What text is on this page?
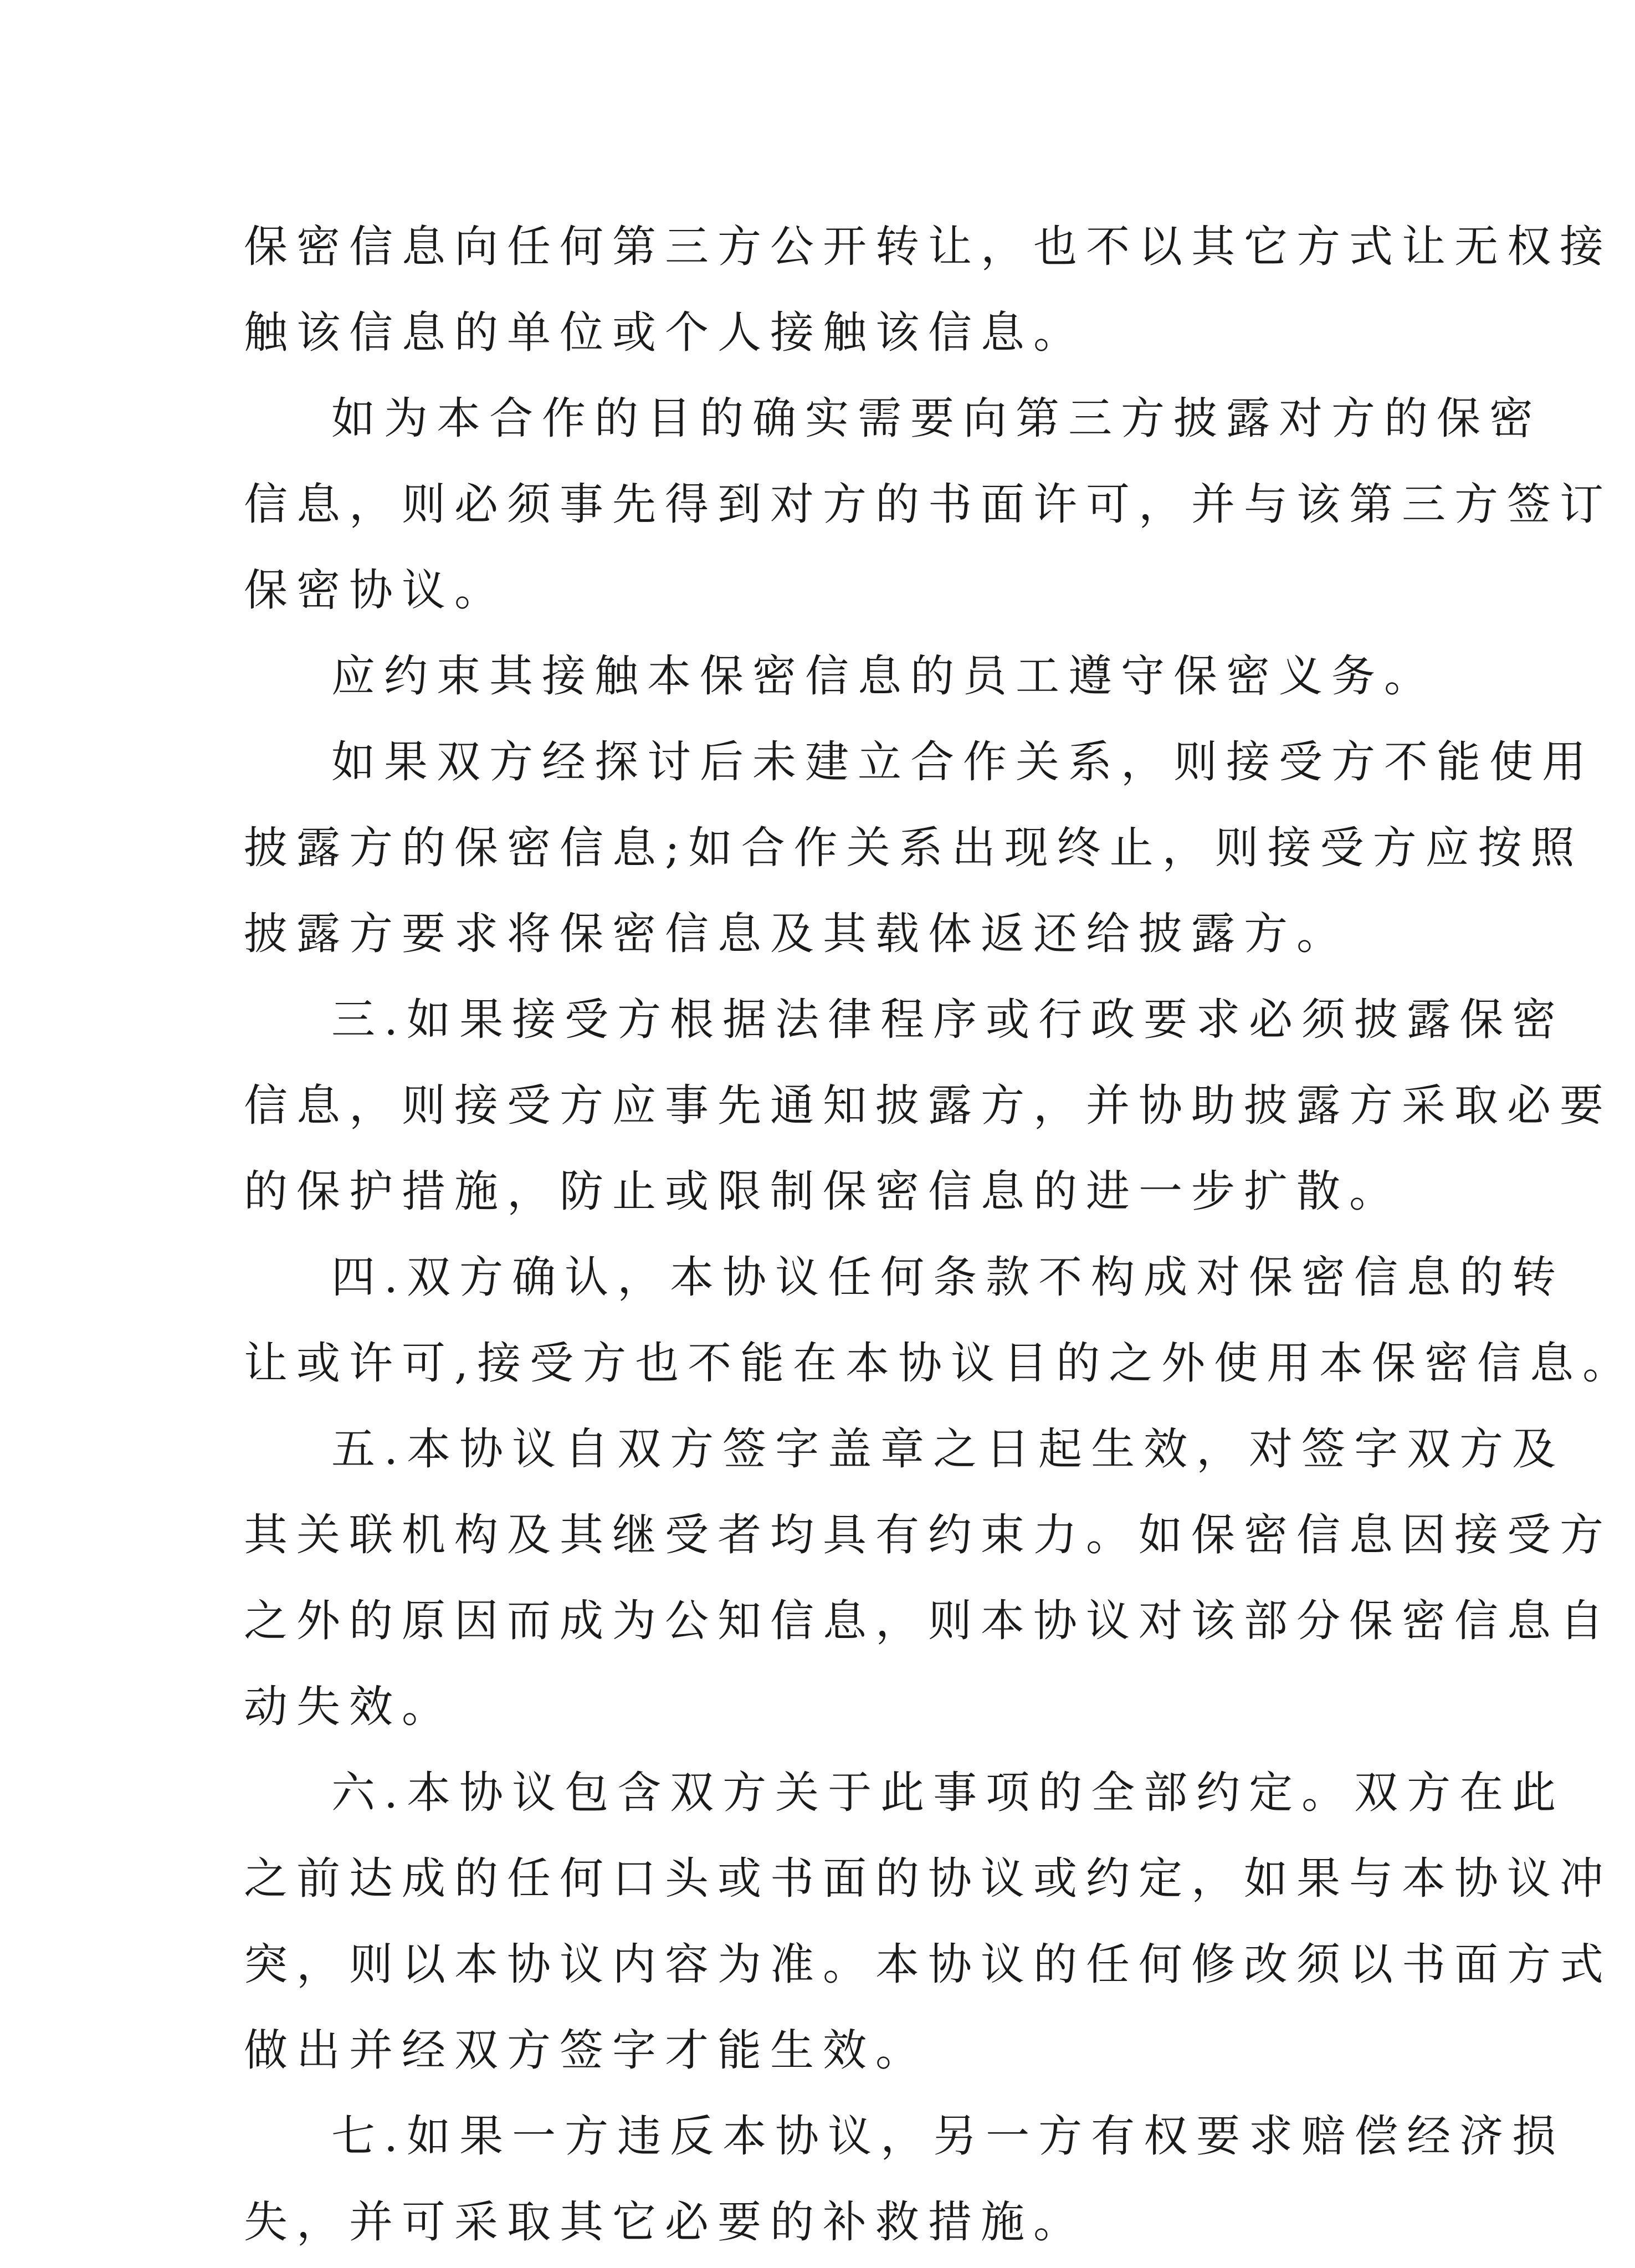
保密信息向任何第三方公开转让，也不以其它方式让无权接
触该信息的单位或个人接触该信息。
如为本合作的目的确实需要向第三方披露对方的保密
信息，则必须事先得到对方的书面许可，并与该第三方签订
保密协议。
应约束其接触本保密信息的员工遵守保密义务。
如果双方经探讨后未建立合作关系，则接受方不能使用
披露方的保密信息;如合作关系出现终止，则接受方应按照
披露方要求将保密信息及其载体返还给披露方。
三.如果接受方根据法律程序或行政要求必须披露保密
信息，则接受方应事先通知披露方，并协助披露方采取必要
的保护措施，防止或限制保密信息的进一步扩散。
四.双方确认，本协议任何条款不构成对保密信息的转
让或许可,接受方也不能在本协议目的之外使用本保密信息。
五.本协议自双方签字盖章之日起生效，对签字双方及
其关联机构及其继受者均具有约束力。如保密信息因接受方
之外的原因而成为公知信息，则本协议对该部分保密信息自
动失效。
六.本协议包含双方关于此事项的全部约定。双方在此
之前达成的任何口头或书面的协议或约定，如果与本协议冲
突，则以本协议内容为准。本协议的任何修改须以书面方式
做出并经双方签字才能生效。
七.如果一方违反本协议，另一方有权要求赔偿经济损
失，并可采取其它必要的补救措施。
